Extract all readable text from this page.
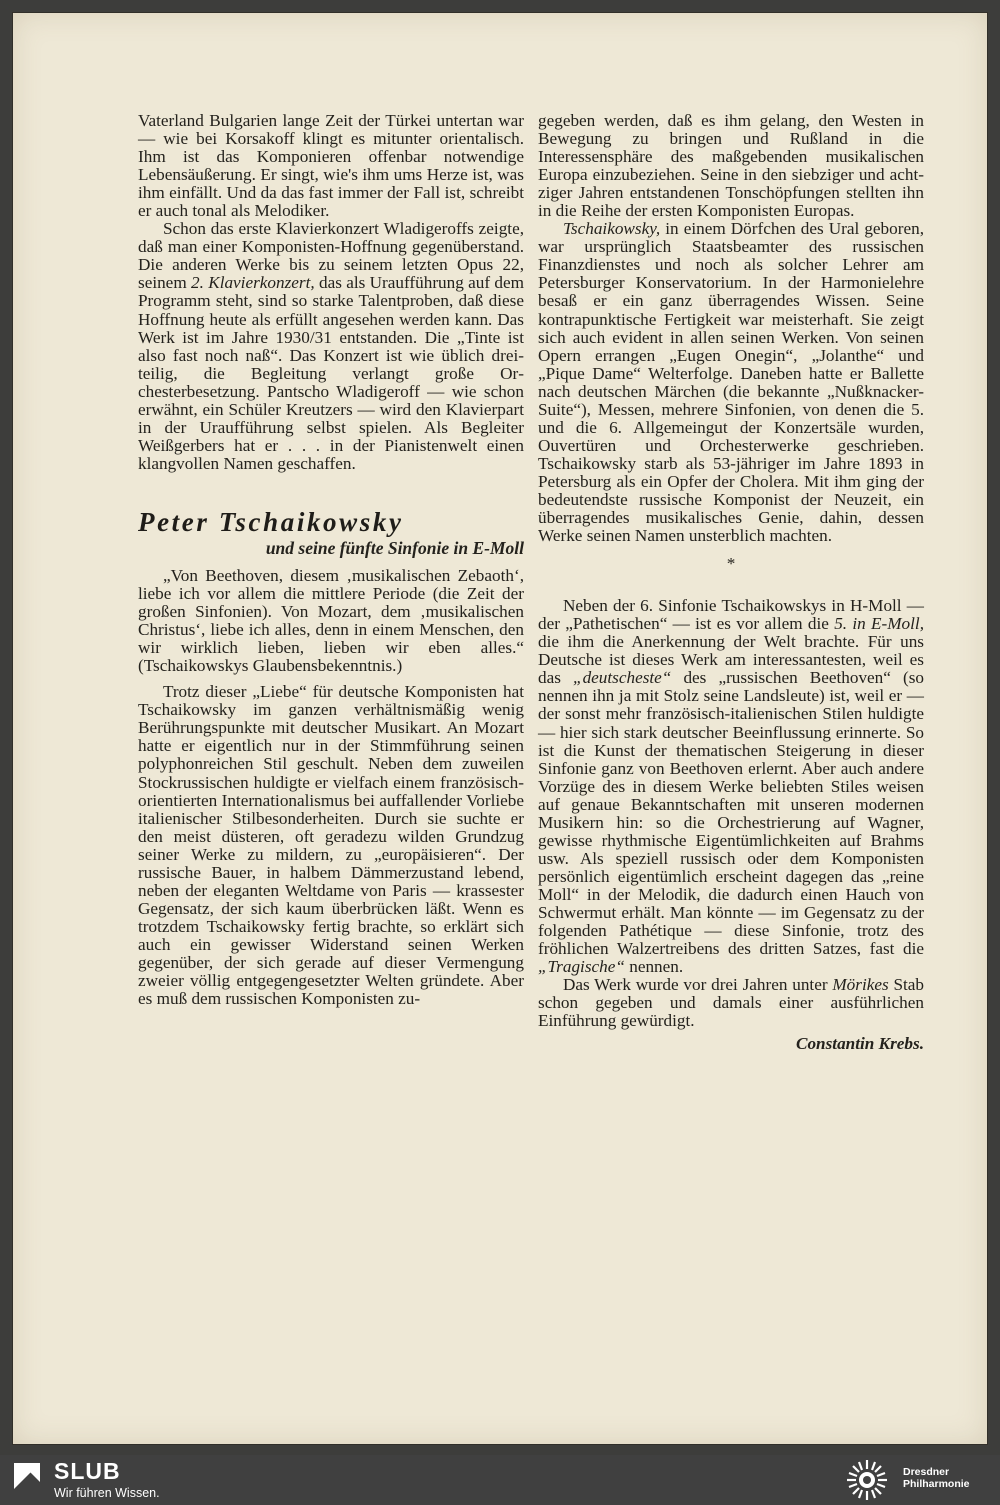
Vaterland Bulgarien lange Zeit der Türkei untertan war — wie bei Korsakoff klingt es mitunter orientalisch. Ihm ist das Komponieren offenbar notwendige Lebensäußerung. Er singt, wie's ihm ums Herze ist, was ihm einfällt. Und da das fast immer der Fall ist, schreibt er auch tonal als Melodiker.

Schon das erste Klavierkonzert Wladigeroffs zeigte, daß man einer Komponisten-Hoffnung gegenüberstand. Die anderen Werke bis zu seinem letzten Opus 22, seinem 2. Klavierkonzert, das als Uraufführung auf dem Programm steht, sind so starke Talentproben, daß diese Hoffnung heute als erfüllt angesehen werden kann. Das Werk ist im Jahre 1930/31 entstanden. Die „Tinte ist also fast noch naß“. Das Konzert ist wie üblich dreiteilig, die Begleitung verlangt große Orchesterbesetzung. Pantscho Wladigeroff — wie schon erwähnt, ein Schüler Kreutzers — wird den Klavierpart in der Uraufführung selbst spielen. Als Begleiter Weißgerbers hat er . . . in der Pianistenwelt einen klangvollen Namen geschaffen.

Peter Tschaikowsky
und seine fünfte Sinfonie in E-Moll

„Von Beethoven, diesem ‚musikalischen Zebaoth‘, liebe ich vor allem die mittlere Periode (die Zeit der großen Sinfonien). Von Mozart, dem ‚musikalischen Christus‘, liebe ich alles, denn in einem Menschen, den wir wirklich lieben, lieben wir eben alles.“ (Tschaikowskys Glaubensbekenntnis.)

Trotz dieser „Liebe“ für deutsche Komponisten hat Tschaikowsky im ganzen verhältnismäßig wenig Berührungspunkte mit deutscher Musikart. An Mozart hatte er eigentlich nur in der Stimmführung seinen polyphonreichen Stil geschult. Neben dem zuweilen Stockrussischen huldigte er vielfach einem französisch-orientierten Internationalismus bei auffallender Vorliebe italienischer Stilbesonderheiten. Durch sie suchte er den meist düsteren, oft geradezu wilden Grundzug seiner Werke zu mildern, zu „europäisieren“. Der russische Bauer, in halbem Dämmerzustand lebend, neben der eleganten Weltdame von Paris — krassester Gegensatz, der sich kaum überbrücken läßt. Wenn es trotzdem Tschaikowsky fertig brachte, so erklärt sich auch ein gewisser Widerstand seinen Werken gegenüber, der sich gerade auf dieser Vermengung zweier völlig entgegengesetzter Welten gründete. Aber es muß dem russischen Komponisten zu-

gegeben werden, daß es ihm gelang, den Westen in Bewegung zu bringen und Rußland in die Interessensphäre des maßgebenden musikalischen Europa einzubeziehen. Seine in den siebziger und achtziger Jahren entstandenen Tonschöpfungen stellten ihn in die Reihe der ersten Komponisten Europas.

Tschaikowsky, in einem Dörfchen des Ural geboren, war ursprünglich Staatsbeamter des russischen Finanzdienstes und noch als solcher Lehrer am Petersburger Konservatorium. In der Harmonielehre besaß er ein ganz überragendes Wissen. Seine kontrapunktische Fertigkeit war meisterhaft. Sie zeigt sich auch evident in allen seinen Werken. Von seinen Opern errangen „Eugen Onegin“, „Jolanthe“ und „Pique Dame“ Welterfolge. Daneben hatte er Ballette nach deutschen Märchen (die bekannte „Nußknacker-Suite“), Messen, mehrere Sinfonien, von denen die 5. und die 6. Allgemeingut der Konzertsäle wurden, Ouvertüren und Orchesterwerke geschrieben. Tschaikowsky starb als 53-jähriger im Jahre 1893 in Petersburg als ein Opfer der Cholera. Mit ihm ging der bedeutendste russische Komponist der Neuzeit, ein überragendes musikalisches Genie, dahin, dessen Werke seinen Namen unsterblich machten.

*

Neben der 6. Sinfonie Tschaikowskys in H-Moll — der „Pathetischen“ — ist es vor allem die 5. in E-Moll, die ihm die Anerkennung der Welt brachte. Für uns Deutsche ist dieses Werk am interessantesten, weil es das „deutscheste“ des „russischen Beethoven“ (so nennen ihn ja mit Stolz seine Landsleute) ist, weil er — der sonst mehr französisch-italienischen Stilen huldigte — hier sich stark deutscher Beeinflussung erinnerte. So ist die Kunst der thematischen Steigerung in dieser Sinfonie ganz von Beethoven erlernt. Aber auch andere Vorzüge des in diesem Werke beliebten Stiles weisen auf genaue Bekanntschaften mit unseren modernen Musikern hin: so die Orchestrierung auf Wagner, gewisse rhythmische Eigentümlichkeiten auf Brahms usw. Als speziell russisch oder dem Komponisten persönlich eigentümlich erscheint dagegen das „reine Moll“ in der Melodik, die dadurch einen Hauch von Schwermut erhält. Man könnte — im Gegensatz zu der folgenden Pathétique — diese Sinfonie, trotz des fröhlichen Walzertreibens des dritten Satzes, fast die „Tragische“ nennen.

Das Werk wurde vor drei Jahren unter Mörikes Stab schon gegeben und damals einer ausführlichen Einführung gewürdigt.

Constantin Krebs.
SLUB
Wir führen Wissen.
Dresdner
Philharmonie
